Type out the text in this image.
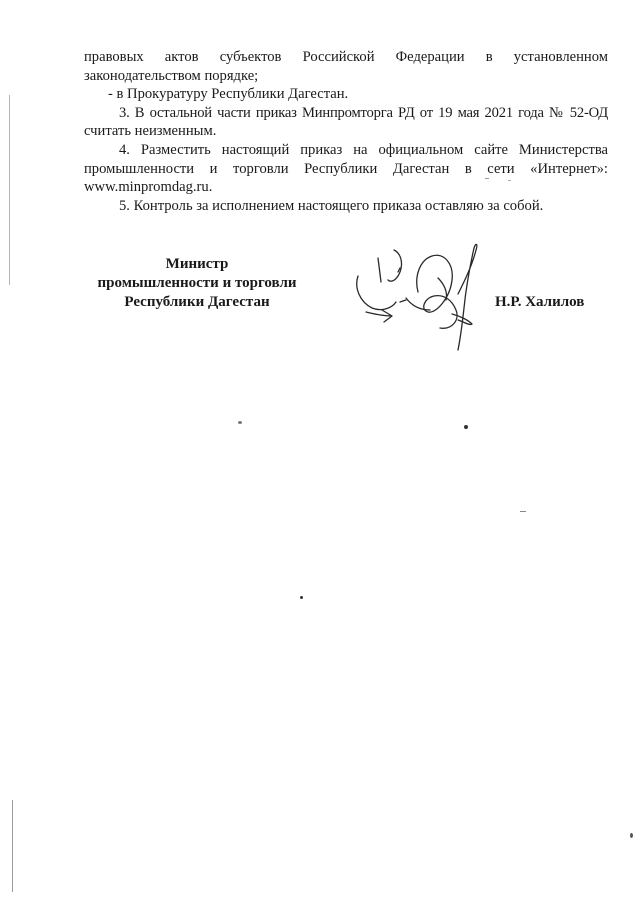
правовых актов субъектов Российской Федерации в установленном

законодательством порядке;

- в Прокуратуру Республики Дагестан.

3. В остальной части приказ Минпромторга РД от 19 мая 2021 года № 52-ОД

считать неизменным.

4. Разместить настоящий приказ на официальном сайте Министерства промышленности и торговли Республики Дагестан в сети «Интернет»: www.minpromdag.ru.

5. Контроль за исполнением настоящего приказа оставляю за собой.

Министр
промышленности и торговли
Республики Дагестан	Н.Р. Халилов
